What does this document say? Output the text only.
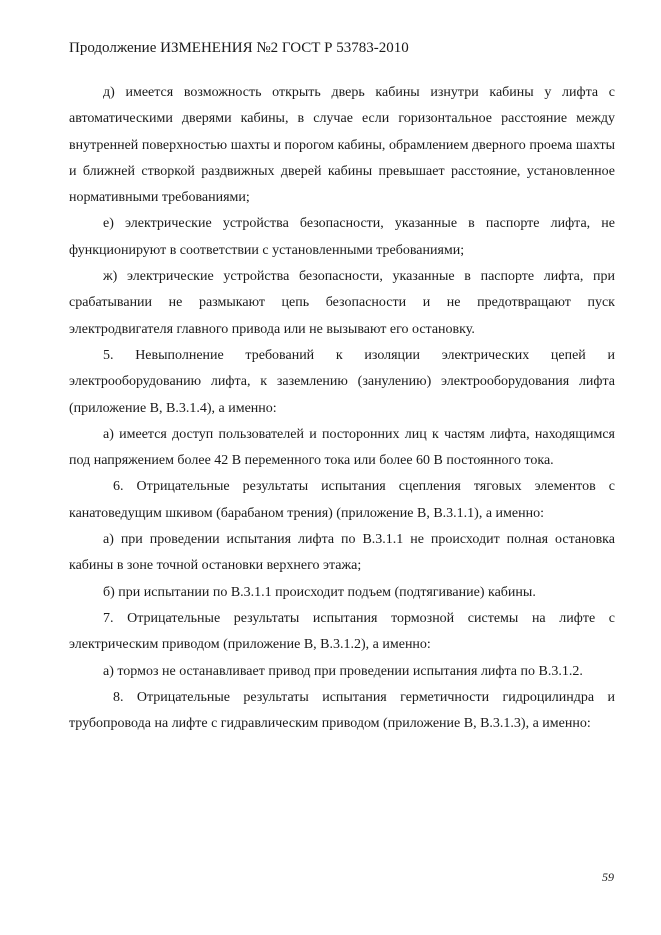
Продолжение ИЗМЕНЕНИЯ №2 ГОСТ Р 53783-2010

д) имеется возможность открыть дверь кабины изнутри кабины у лифта с автоматическими дверями кабины, в случае если горизонтальное расстояние между внутренней поверхностью шахты и порогом кабины, обрамлением дверного проема шахты и ближней створкой раздвижных дверей кабины превышает расстояние, установленное нормативными требованиями;

е) электрические устройства безопасности, указанные в паспорте лифта, не функционируют в соответствии с установленными требованиями;

ж) электрические устройства безопасности, указанные в паспорте лифта, при срабатывании не размыкают цепь безопасности и не предотвращают пуск электродвигателя главного привода или не вызывают его остановку.

5. Невыполнение требований к изоляции электрических цепей и электрооборудованию лифта, к заземлению (занулению) электрооборудования лифта (приложение В, В.3.1.4), а именно:

а) имеется доступ пользователей и посторонних лиц к частям лифта, находящимся под напряжением более 42 В переменного тока или более 60 В постоянного тока.

6. Отрицательные результаты испытания сцепления тяговых элементов с канатоведущим шкивом (барабаном трения) (приложение В, В.3.1.1), а именно:

а) при проведении испытания лифта по В.3.1.1 не происходит полная остановка кабины в зоне точной остановки верхнего этажа;

б) при испытании по В.3.1.1 происходит подъем (подтягивание) кабины.

7. Отрицательные результаты испытания тормозной системы на лифте с электрическим приводом (приложение В, В.3.1.2), а именно:

а) тормоз не останавливает привод при проведении испытания лифта по В.3.1.2.

8. Отрицательные результаты испытания герметичности гидроцилиндра и трубопровода на лифте с гидравлическим приводом (приложение В, В.3.1.3), а именно:

59
